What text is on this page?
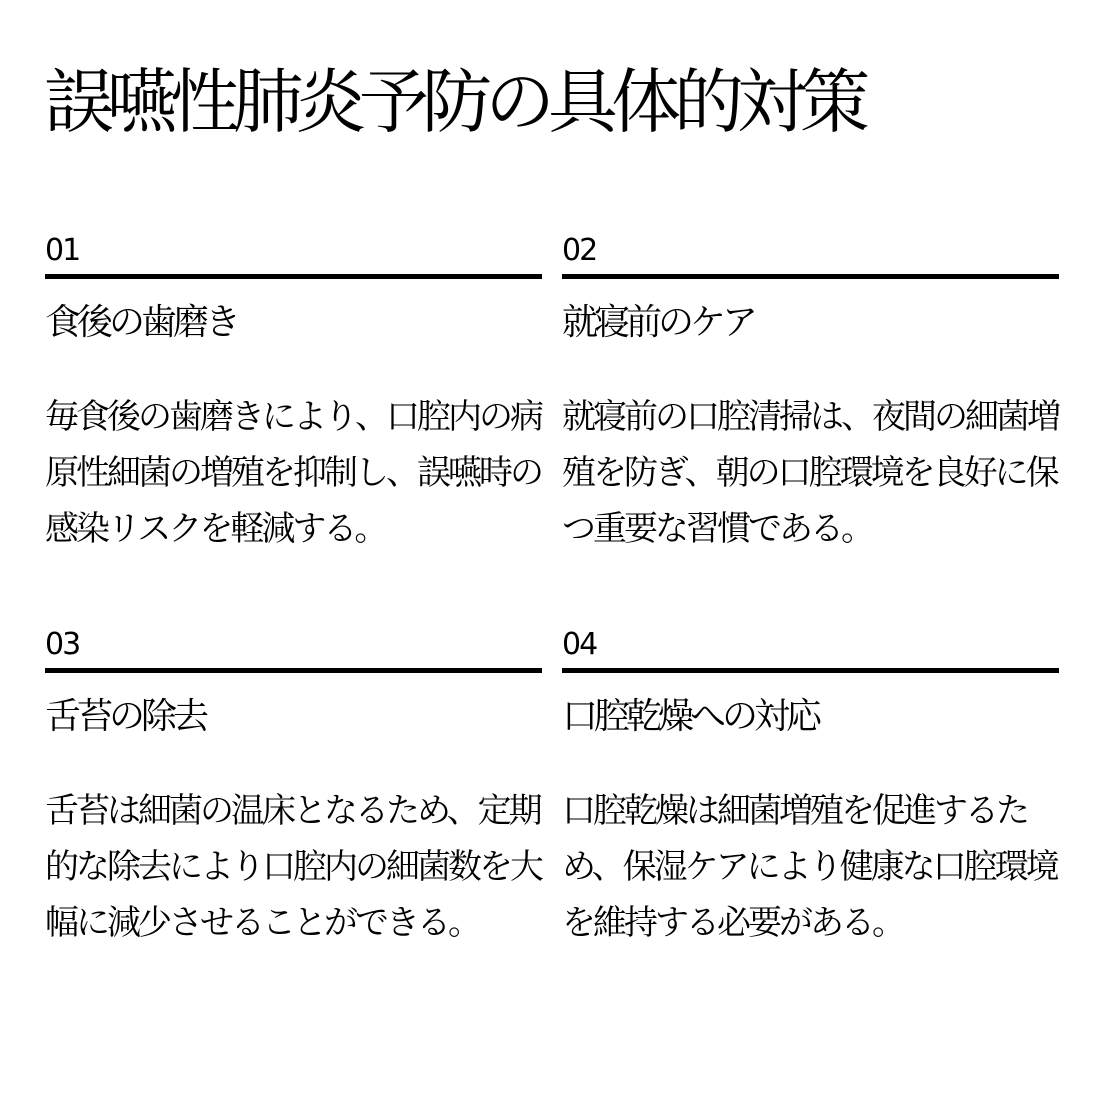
誤嚥性肺炎予防の具体的対策
01
食後の歯磨き
毎食後の歯磨きにより、口腔内の病原性細菌の増殖を抑制し、誤嚥時の感染リスクを軽減する。
02
就寝前のケア
就寝前の口腔清掃は、夜間の細菌増殖を防ぎ、朝の口腔環境を良好に保つ重要な習慣である。
03
舌苔の除去
舌苔は細菌の温床となるため、定期的な除去により口腔内の細菌数を大幅に減少させることができる。
04
口腔乾燥への対応
口腔乾燥は細菌増殖を促進するため、保湿ケアにより健康な口腔環境を維持する必要がある。
